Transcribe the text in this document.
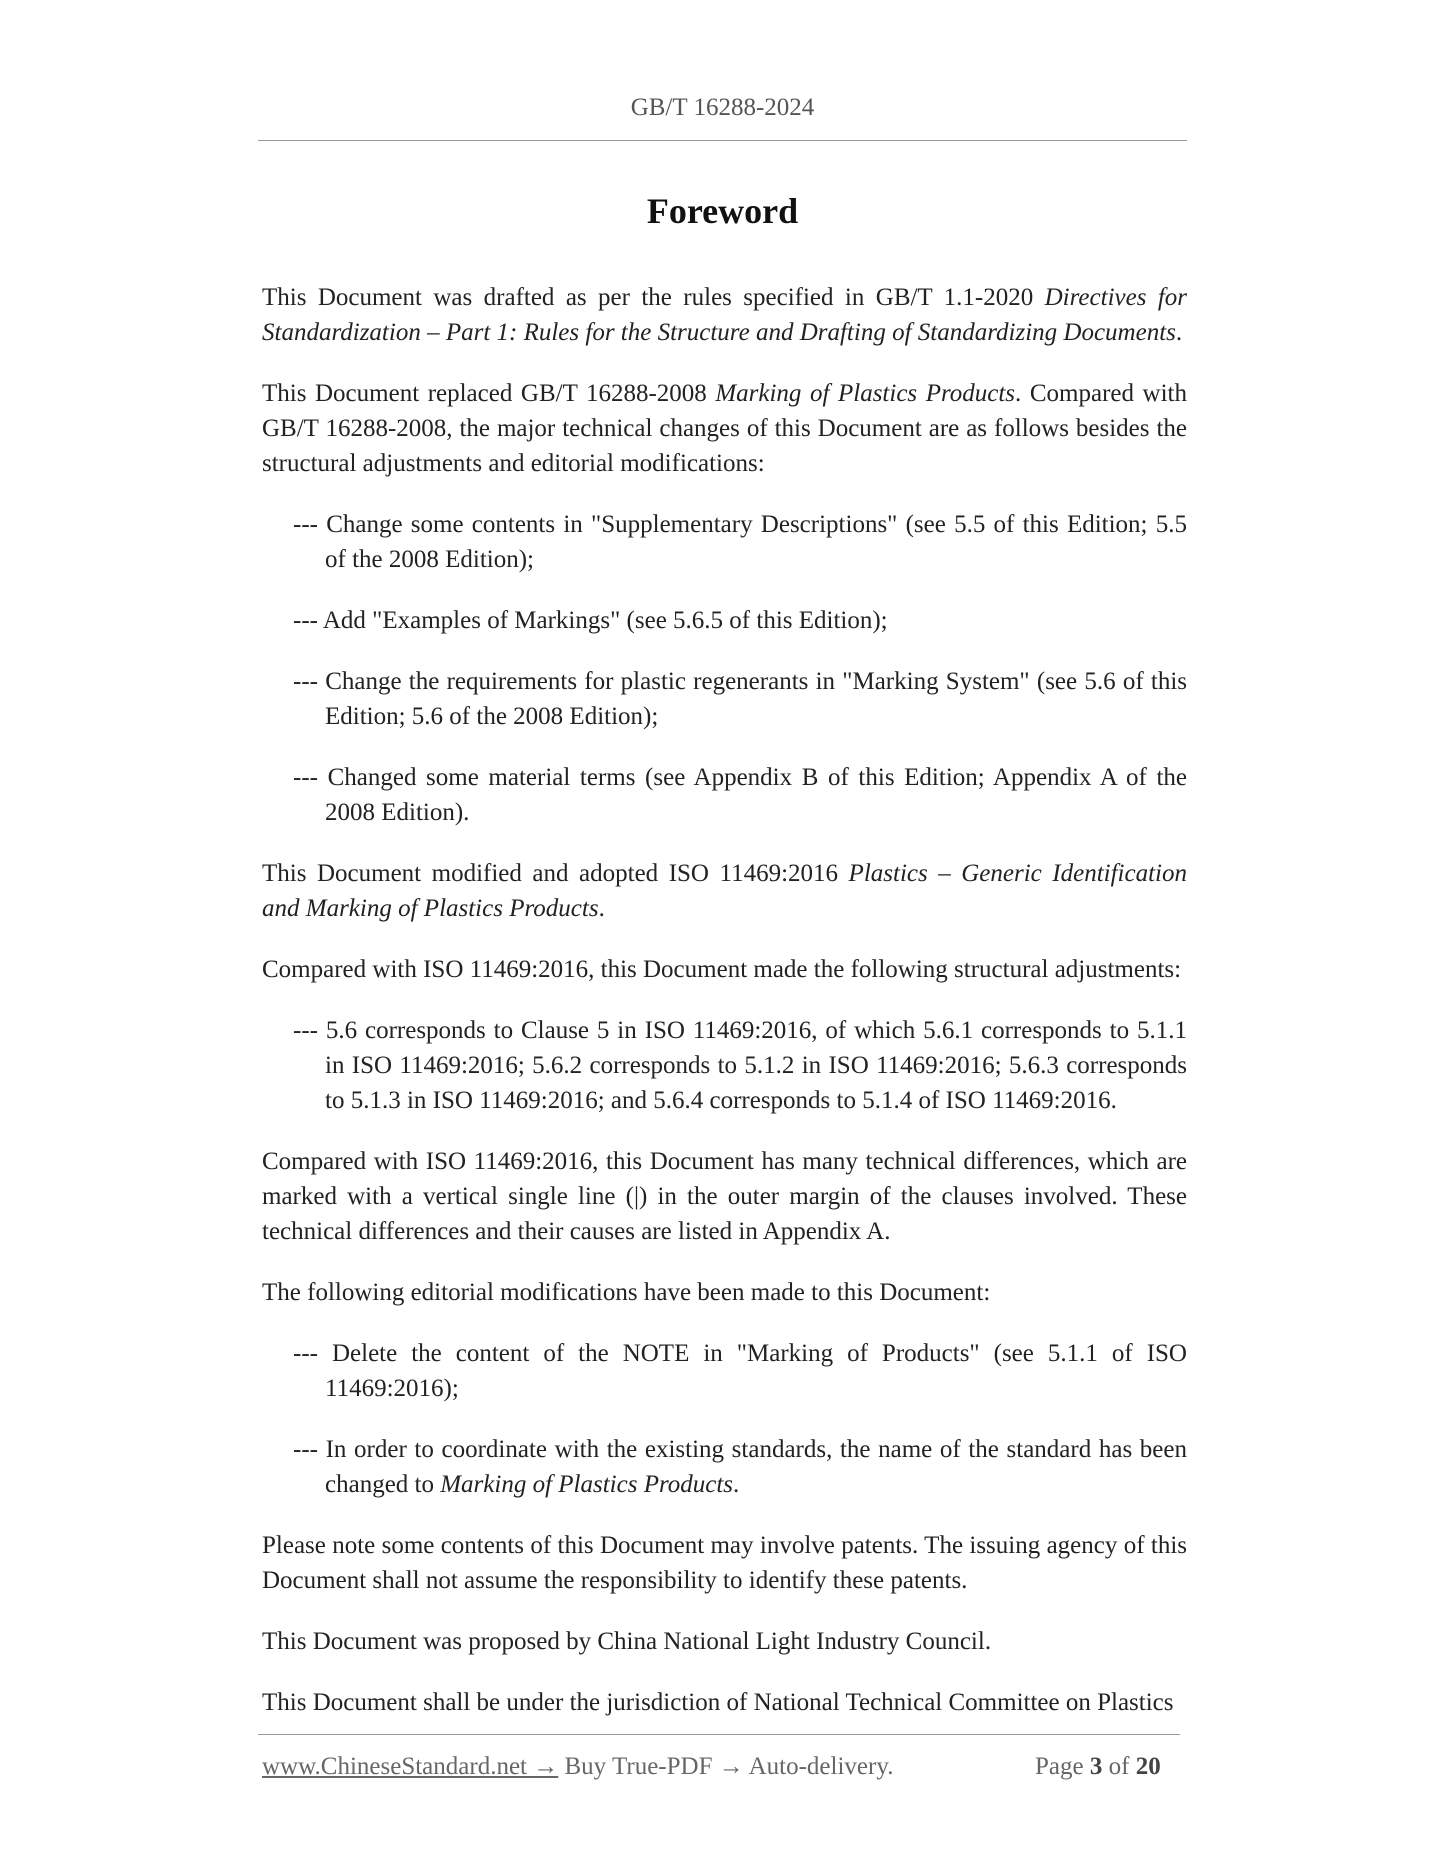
GB/T 16288-2024
Foreword

This Document was drafted as per the rules specified in GB/T 1.1-2020 Directives for Standardization – Part 1: Rules for the Structure and Drafting of Standardizing Documents.

This Document replaced GB/T 16288-2008 Marking of Plastics Products. Compared with GB/T 16288-2008, the major technical changes of this Document are as follows besides the structural adjustments and editorial modifications:

--- Change some contents in "Supplementary Descriptions" (see 5.5 of this Edition; 5.5 of the 2008 Edition);

--- Add "Examples of Markings" (see 5.6.5 of this Edition);

--- Change the requirements for plastic regenerants in "Marking System" (see 5.6 of this Edition; 5.6 of the 2008 Edition);

--- Changed some material terms (see Appendix B of this Edition; Appendix A of the 2008 Edition).

This Document modified and adopted ISO 11469:2016 Plastics – Generic Identification and Marking of Plastics Products.

Compared with ISO 11469:2016, this Document made the following structural adjustments:

--- 5.6 corresponds to Clause 5 in ISO 11469:2016, of which 5.6.1 corresponds to 5.1.1 in ISO 11469:2016; 5.6.2 corresponds to 5.1.2 in ISO 11469:2016; 5.6.3 corresponds to 5.1.3 in ISO 11469:2016; and 5.6.4 corresponds to 5.1.4 of ISO 11469:2016.

Compared with ISO 11469:2016, this Document has many technical differences, which are marked with a vertical single line (|) in the outer margin of the clauses involved. These technical differences and their causes are listed in Appendix A.

The following editorial modifications have been made to this Document:

--- Delete the content of the NOTE in "Marking of Products" (see 5.1.1 of ISO 11469:2016);

--- In order to coordinate with the existing standards, the name of the standard has been changed to Marking of Plastics Products.

Please note some contents of this Document may involve patents. The issuing agency of this Document shall not assume the responsibility to identify these patents.

This Document was proposed by China National Light Industry Council.

This Document shall be under the jurisdiction of National Technical Committee on Plastics

www.ChineseStandard.net → Buy True-PDF → Auto-delivery.	Page 3 of 20
